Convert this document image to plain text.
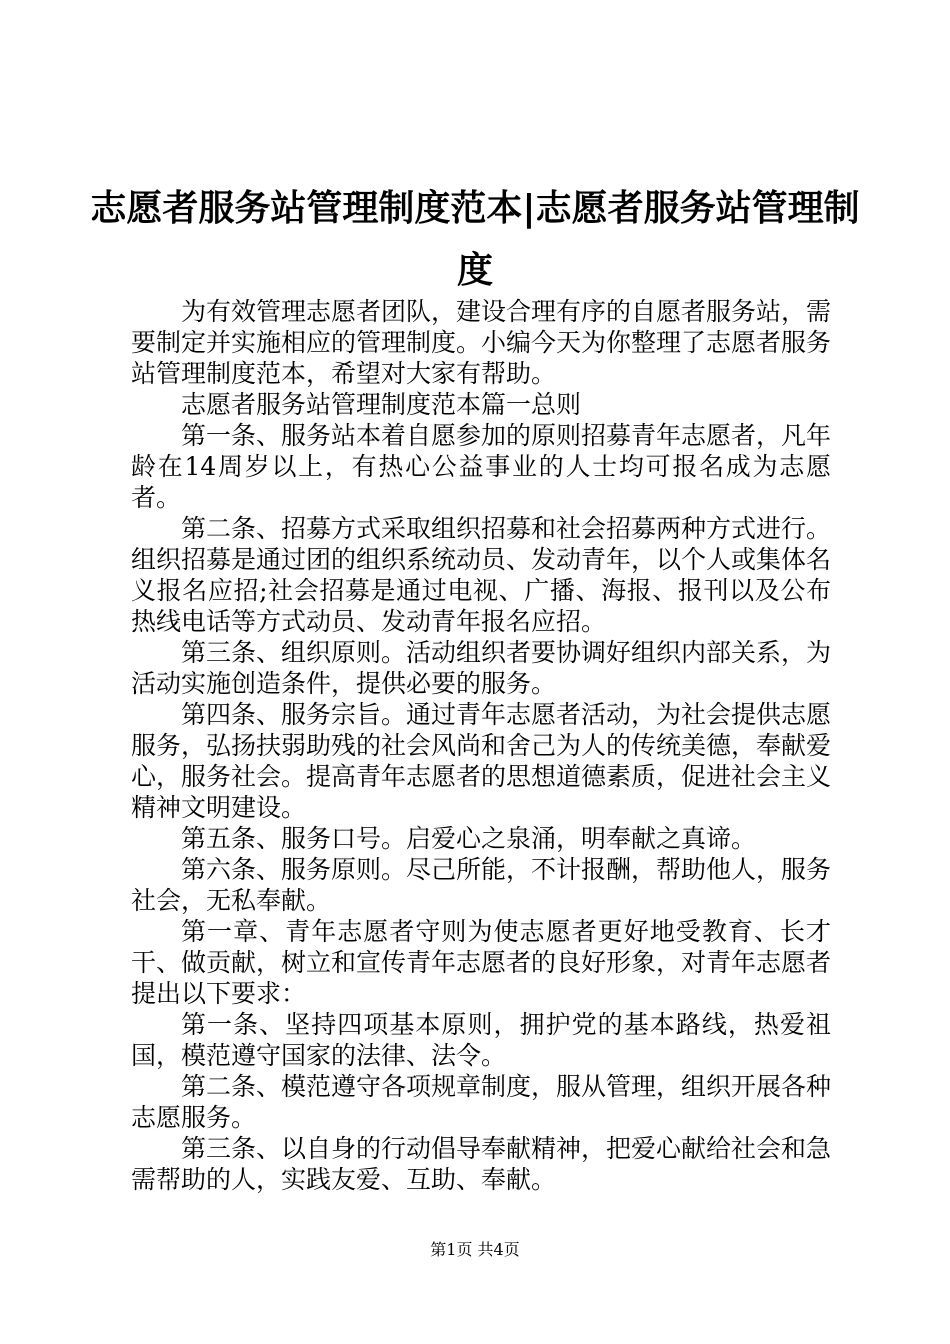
志愿者服务站管理制度范本|志愿者服务站管理制度

为有效管理志愿者团队，建设合理有序的自愿者服务站，需要制定并实施相应的管理制度。小编今天为你整理了志愿者服务站管理制度范本，希望对大家有帮助。

志愿者服务站管理制度范本篇一总则

第一条、服务站本着自愿参加的原则招募青年志愿者，凡年龄在14周岁以上，有热心公益事业的人士均可报名成为志愿者。

第二条、招募方式采取组织招募和社会招募两种方式进行。组织招募是通过团的组织系统动员、发动青年，以个人或集体名义报名应招;社会招募是通过电视、广播、海报、报刊以及公布热线电话等方式动员、发动青年报名应招。

第三条、组织原则。活动组织者要协调好组织内部关系，为活动实施创造条件，提供必要的服务。

第四条、服务宗旨。通过青年志愿者活动，为社会提供志愿服务，弘扬扶弱助残的社会风尚和舍己为人的传统美德，奉献爱心，服务社会。提高青年志愿者的思想道德素质，促进社会主义精神文明建设。

第五条、服务口号。启爱心之泉涌，明奉献之真谛。

第六条、服务原则。尽己所能，不计报酬，帮助他人，服务社会，无私奉献。

第一章、青年志愿者守则为使志愿者更好地受教育、长才干、做贡献，树立和宣传青年志愿者的良好形象，对青年志愿者提出以下要求：

第一条、坚持四项基本原则，拥护党的基本路线，热爱祖国，模范遵守国家的法律、法令。

第二条、模范遵守各项规章制度，服从管理，组织开展各种志愿服务。

第三条、以自身的行动倡导奉献精神，把爱心献给社会和急需帮助的人，实践友爱、互助、奉献。

第1页 共4页
